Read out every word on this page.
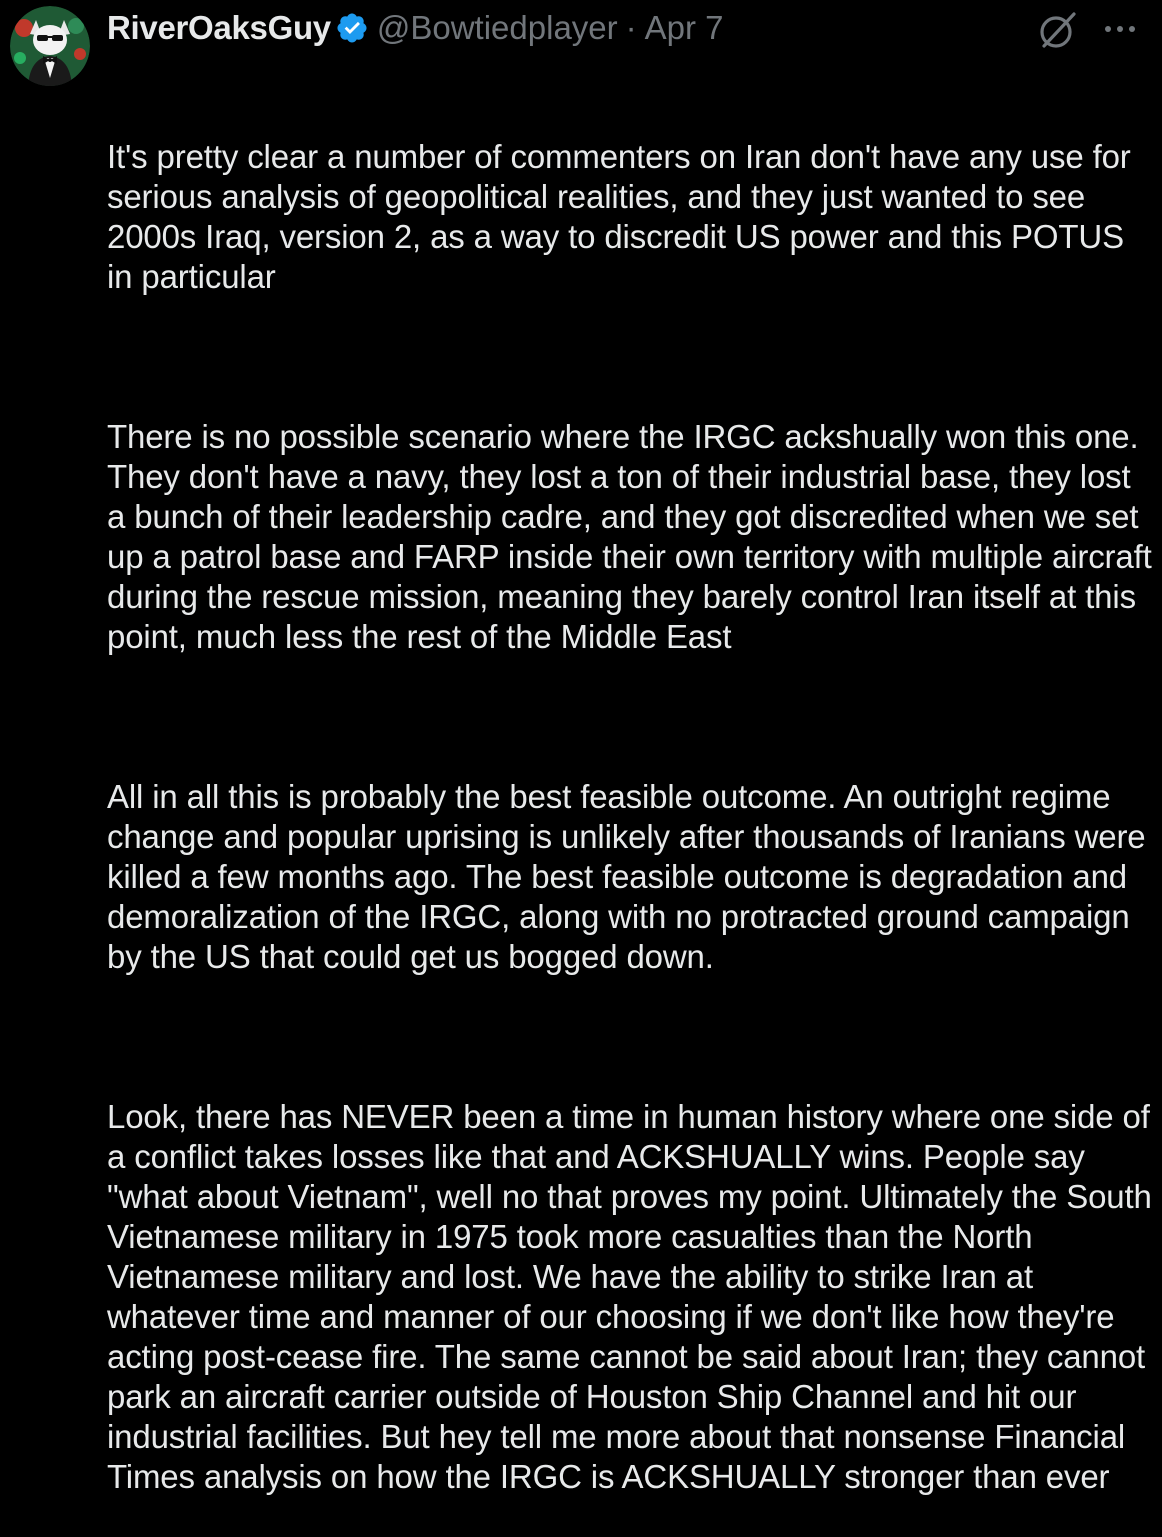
RiverOaksGuy @Bowtiedplayer · Apr 7

It's pretty clear a number of commenters on Iran don't have any use for serious analysis of geopolitical realities, and they just wanted to see 2000s Iraq, version 2, as a way to discredit US power and this POTUS in particular

There is no possible scenario where the IRGC ackshually won this one. They don't have a navy, they lost a ton of their industrial base, they lost a bunch of their leadership cadre, and they got discredited when we set up a patrol base and FARP inside their own territory with multiple aircraft during the rescue mission, meaning they barely control Iran itself at this point, much less the rest of the Middle East

All in all this is probably the best feasible outcome. An outright regime change and popular uprising is unlikely after thousands of Iranians were killed a few months ago. The best feasible outcome is degradation and demoralization of the IRGC, along with no protracted ground campaign by the US that could get us bogged down.

Look, there has NEVER been a time in human history where one side of a conflict takes losses like that and ACKSHUALLY wins. People say "what about Vietnam", well no that proves my point. Ultimately the South Vietnamese military in 1975 took more casualties than the North Vietnamese military and lost. We have the ability to strike Iran at whatever time and manner of our choosing if we don't like how they're acting post-cease fire. The same cannot be said about Iran; they cannot park an aircraft carrier outside of Houston Ship Channel and hit our industrial facilities. But hey tell me more about that nonsense Financial Times analysis on how the IRGC is ACKSHUALLY stronger than ever
